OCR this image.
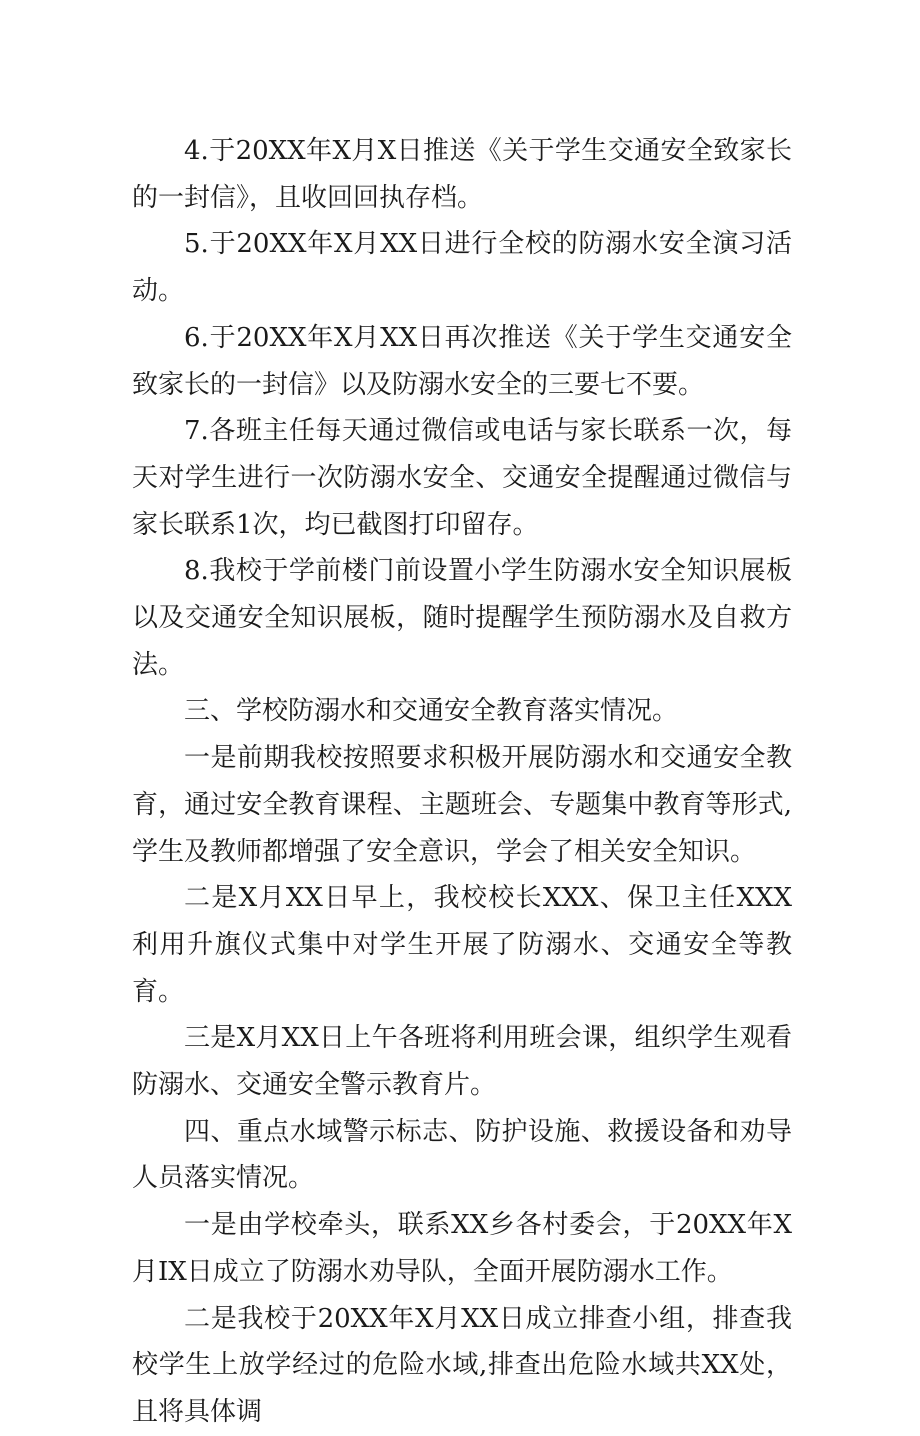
4.于20XX年X月X日推送《关于学生交通安全致家长的一封信》，且收回回执存档。

5.于20XX年X月XX日进行全校的防溺水安全演习活动。

6.于20XX年X月XX日再次推送《关于学生交通安全致家长的一封信》以及防溺水安全的三要七不要。

7.各班主任每天通过微信或电话与家长联系一次，每天对学生进行一次防溺水安全、交通安全提醒通过微信与家长联系1次，均已截图打印留存。

8.我校于学前楼门前设置小学生防溺水安全知识展板以及交通安全知识展板，随时提醒学生预防溺水及自救方法。

三、学校防溺水和交通安全教育落实情况。

一是前期我校按照要求积极开展防溺水和交通安全教育，通过安全教育课程、主题班会、专题集中教育等形式,学生及教师都增强了安全意识，学会了相关安全知识。

二是X月XX日早上，我校校长XXX、保卫主任XXX利用升旗仪式集中对学生开展了防溺水、交通安全等教育。

三是X月XX日上午各班将利用班会课，组织学生观看防溺水、交通安全警示教育片。

四、重点水域警示标志、防护设施、救援设备和劝导人员落实情况。

一是由学校牵头，联系XX乡各村委会，于20XX年X月IX日成立了防溺水劝导队，全面开展防溺水工作。

二是我校于20XX年X月XX日成立排查小组，排查我校学生上放学经过的危险水域,排查出危险水域共XX处，且将具体调
